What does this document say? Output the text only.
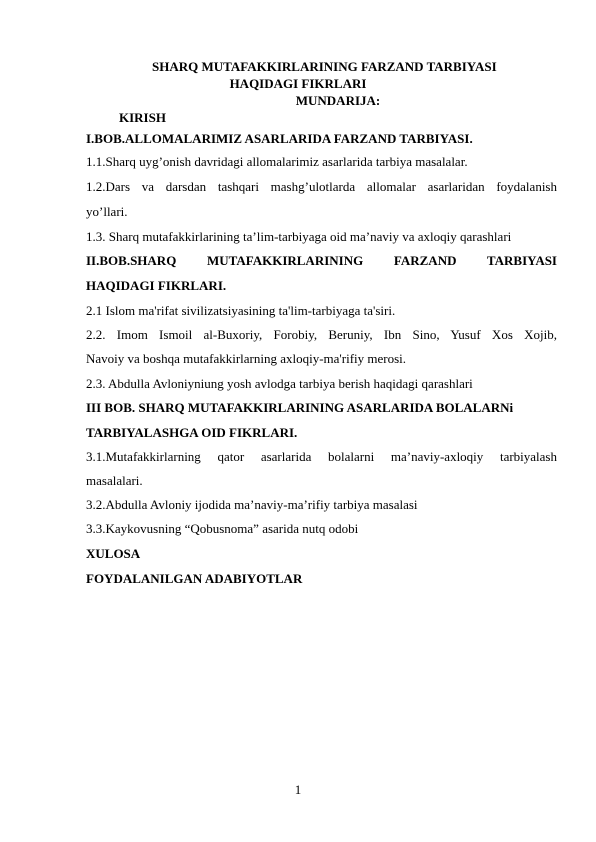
SHARQ MUTAFAKKIRLARINING FARZAND TARBIYASI
HAQIDAGI FIKRLARI
MUNDARIJA:
KIRISH
I.BOB.ALLOMALARIMIZ ASARLARIDA FARZAND TARBIYASI.
1.1.Sharq uyg’onish davridagi allomalarimiz asarlarida tarbiya masalalar.
1.2.Dars va darsdan tashqari mashg’ulotlarda allomalar asarlaridan foydalanish
yo’llari.
1.3. Sharq mutafakkirlarining ta’lim-tarbiyaga oid ma’naviy va axloqiy qarashlari
II.BOB.SHARQ MUTAFAKKIRLARINING FARZAND TARBIYASI
HAQIDAGI FIKRLARI.
2.1 Islom ma'rifat sivilizatsiyasining ta'lim-tarbiyaga ta'siri.
2.2. Imom Ismoil al-Buxoriy, Forobiy, Beruniy, Ibn Sino, Yusuf Xos Xojib,
Navoiy va boshqa mutafakkirlarning axloqiy-ma'rifiy merosi.
2.3. Abdulla Avloniyniung yosh avlodga tarbiya berish haqidagi qarashlari
III BOB. SHARQ MUTAFAKKIRLARINING ASARLARIDA BOLALARNi
TARBIYALASHGA OID FIKRLARI.
3.1.Mutafakkirlarning qator asarlarida bolalarni ma’naviy-axloqiy tarbiyalash
masalalari.
3.2.Abdulla Avloniy ijodida ma’naviy-ma’rifiy tarbiya masalasi
3.3.Kaykovusning “Qobusnoma” asarida nutq odobi
XULOSA
FOYDALANILGAN ADABIYOTLAR
1
